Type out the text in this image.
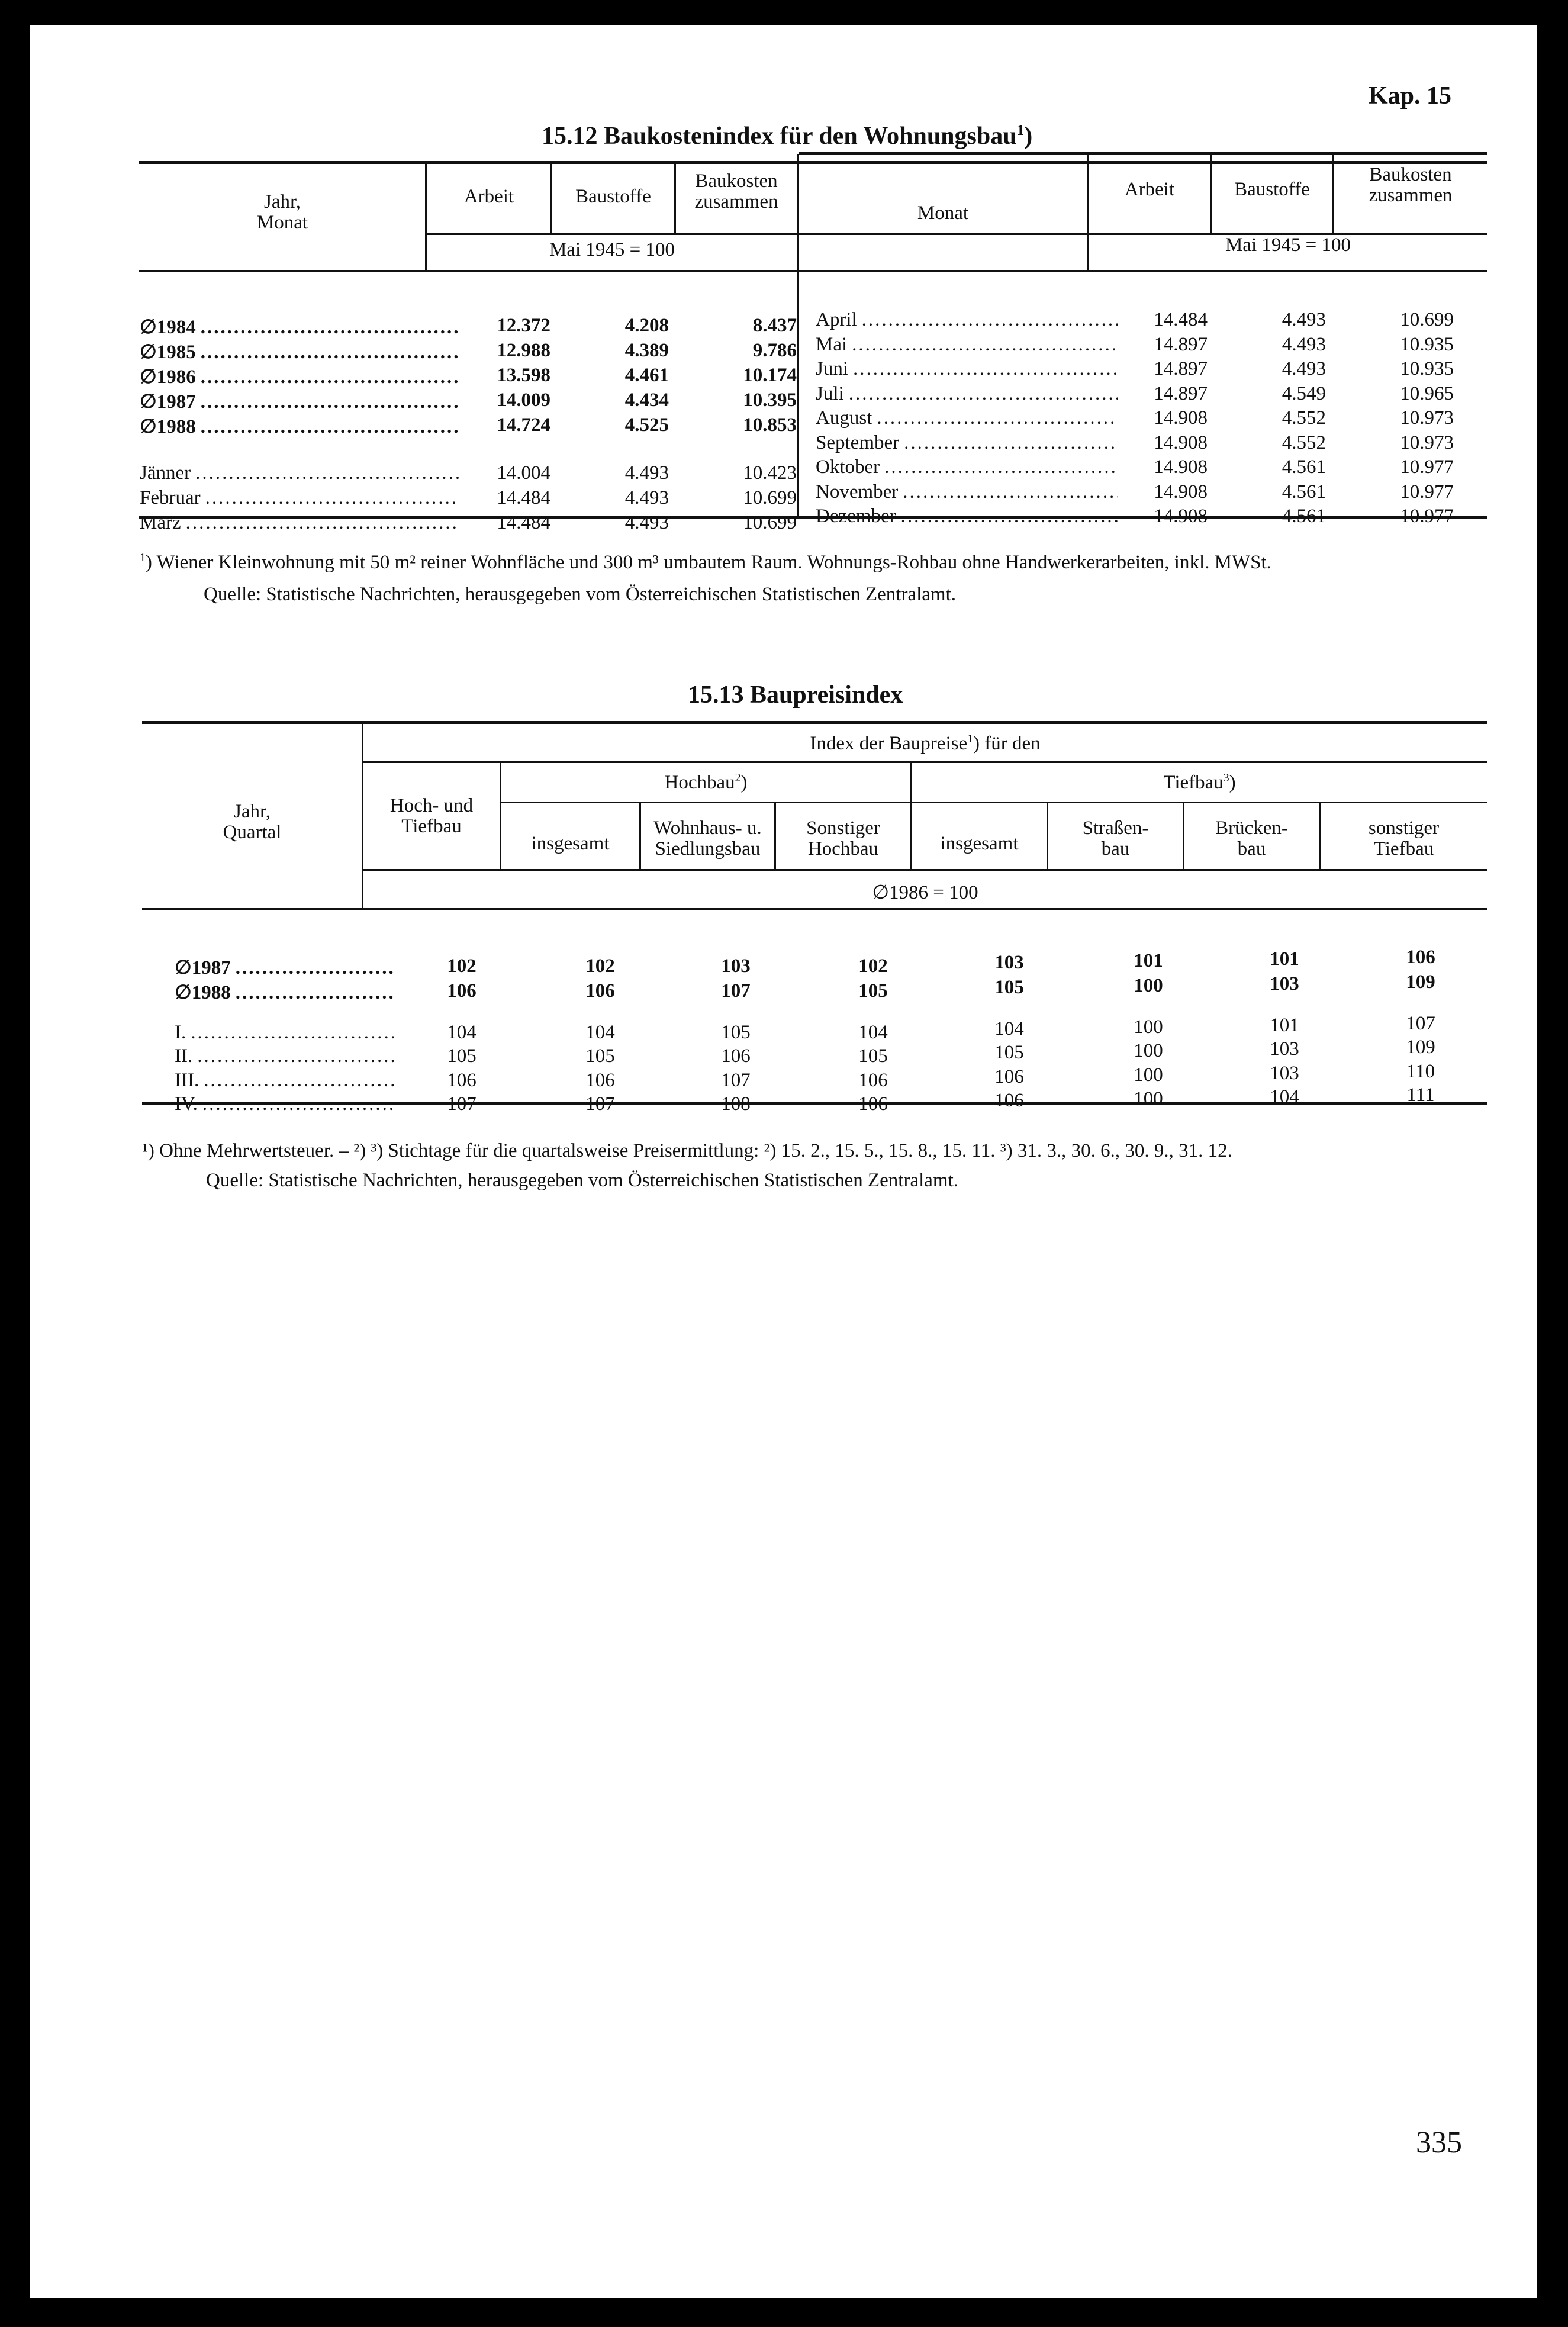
Kap. 15
335
15.12 Baukostenindex für den Wohnungsbau$^1$)
Jahr,
Monat
Arbeit	Baustoffe
Baukosten
zusammen
Mai 1945 = 100
Monat
Arbeit	Baustoffe
Baukosten
zusammen
Mai 1945 = 100
∅1984 .....	12.372	4.208	8.437
∅1985 .....	12.988	4.389	9.786
∅1986 .....	13.598	4.461	10.174
∅1987 .....	14.009	4.434	10.395
∅1988 .....	14.724	4.525	10.853
Jänner .....	14.004	4.493	10.423
Februar .....	14.484	4.493	10.699
März .....	14.484	4.493	10.699
April .....	14.484	4.493	10.699
Mai .....	14.897	4.493	10.935
Juni .....	14.897	4.493	10.935
Juli .....	14.897	4.549	10.965
August .....	14.908	4.552	10.973
September .....	14.908	4.552	10.973
Oktober .....	14.908	4.561	10.977
November .....	14.908	4.561	10.977
Dezember .....	14.908	4.561	10.977
$^1$) Wiener Kleinwohnung mit 50 m² reiner Wohnfläche und 300 m³ umbautem Raum. Wohnungs-Rohbau ohne Handwerkerarbeiten, inkl. MWSt.
Quelle: Statistische Nachrichten, herausgegeben vom Österreichischen Statistischen Zentralamt.
15.13 Baupreisindex
Jahr,
Quartal
Index der Baupreise$^1$) für den
Hoch- und
Tiefbau
Hochbau$^2$)	Tiefbau$^3$)
insgesamt
Wohnhaus- u.
Siedlungsbau
Sonstiger
Hochbau	insgesamt
Straßen-
bau
Brücken-
bau
sonstiger
Tiefbau
∅1986 = 100
∅1987 .....	102	102	103	102	103	101	101	106
∅1988 .....	106	106	107	105	105	100	103	109
I. .....	104	104	105	104	104	100	101	107
II. .....	105	105	106	105	105	100	103	109
III. .....	106	106	107	106	106	100	103	110
IV. .....	107	107	108	106	106	100	104	111
¹) Ohne Mehrwertsteuer. – ²) ³) Stichtage für die quartalsweise Preisermittlung: ²) 15. 2., 15. 5., 15. 8., 15. 11. ³) 31. 3., 30. 6., 30. 9., 31. 12.
Quelle: Statistische Nachrichten, herausgegeben vom Österreichischen Statistischen Zentralamt.
